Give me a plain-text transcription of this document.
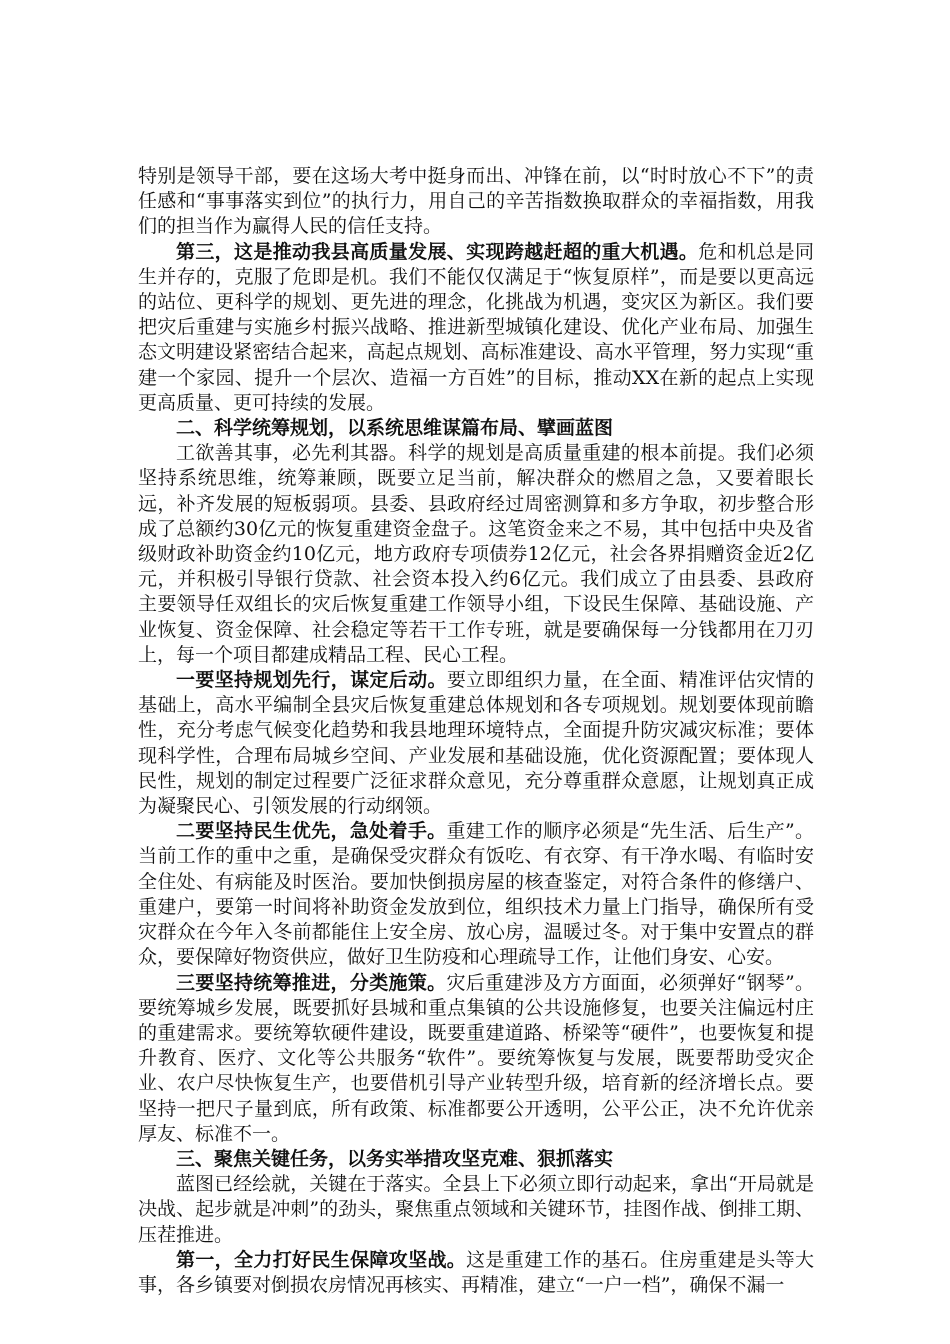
特别是领导干部，要在这场大考中挺身而出、冲锋在前，以“时时放心不下”的责任感和“事事落实到位”的执行力，用自己的辛苦指数换取群众的幸福指数，用我们的担当作为赢得人民的信任支持。

第三，这是推动我县高质量发展、实现跨越赶超的重大机遇。危和机总是同生并存的，克服了危即是机。我们不能仅仅满足于“恢复原样”，而是要以更高远的站位、更科学的规划、更先进的理念，化挑战为机遇，变灾区为新区。我们要把灾后重建与实施乡村振兴战略、推进新型城镇化建设、优化产业布局、加强生态文明建设紧密结合起来，高起点规划、高标准建设、高水平管理，努力实现“重建一个家园、提升一个层次、造福一方百姓”的目标，推动XX在新的起点上实现更高质量、更可持续的发展。

二、科学统筹规划，以系统思维谋篇布局、擘画蓝图

工欲善其事，必先利其器。科学的规划是高质量重建的根本前提。我们必须坚持系统思维，统筹兼顾，既要立足当前，解决群众的燃眉之急，又要着眼长远，补齐发展的短板弱项。县委、县政府经过周密测算和多方争取，初步整合形成了总额约30亿元的恢复重建资金盘子。这笔资金来之不易，其中包括中央及省级财政补助资金约10亿元，地方政府专项债券12亿元，社会各界捐赠资金近2亿元，并积极引导银行贷款、社会资本投入约6亿元。我们成立了由县委、县政府主要领导任双组长的灾后恢复重建工作领导小组，下设民生保障、基础设施、产业恢复、资金保障、社会稳定等若干工作专班，就是要确保每一分钱都用在刀刃上，每一个项目都建成精品工程、民心工程。

一要坚持规划先行，谋定后动。要立即组织力量，在全面、精准评估灾情的基础上，高水平编制全县灾后恢复重建总体规划和各专项规划。规划要体现前瞻性，充分考虑气候变化趋势和我县地理环境特点，全面提升防灾减灾标准；要体现科学性，合理布局城乡空间、产业发展和基础设施，优化资源配置；要体现人民性，规划的制定过程要广泛征求群众意见，充分尊重群众意愿，让规划真正成为凝聚民心、引领发展的行动纲领。

二要坚持民生优先，急处着手。重建工作的顺序必须是“先生活、后生产”。当前工作的重中之重，是确保受灾群众有饭吃、有衣穿、有干净水喝、有临时安全住处、有病能及时医治。要加快倒损房屋的核查鉴定，对符合条件的修缮户、重建户，要第一时间将补助资金发放到位，组织技术力量上门指导，确保所有受灾群众在今年入冬前都能住上安全房、放心房，温暖过冬。对于集中安置点的群众，要保障好物资供应，做好卫生防疫和心理疏导工作，让他们身安、心安。

三要坚持统筹推进，分类施策。灾后重建涉及方方面面，必须弹好“钢琴”。要统筹城乡发展，既要抓好县城和重点集镇的公共设施修复，也要关注偏远村庄的重建需求。要统筹软硬件建设，既要重建道路、桥梁等“硬件”，也要恢复和提升教育、医疗、文化等公共服务“软件”。要统筹恢复与发展，既要帮助受灾企业、农户尽快恢复生产，也要借机引导产业转型升级，培育新的经济增长点。要坚持一把尺子量到底，所有政策、标准都要公开透明，公平公正，决不允许优亲厚友、标准不一。

三、聚焦关键任务，以务实举措攻坚克难、狠抓落实

蓝图已经绘就，关键在于落实。全县上下必须立即行动起来，拿出“开局就是决战、起步就是冲刺”的劲头，聚焦重点领域和关键环节，挂图作战、倒排工期、压茬推进。

第一，全力打好民生保障攻坚战。这是重建工作的基石。住房重建是头等大事，各乡镇要对倒损农房情况再核实、再精准，建立“一户一档”，确保不漏一
